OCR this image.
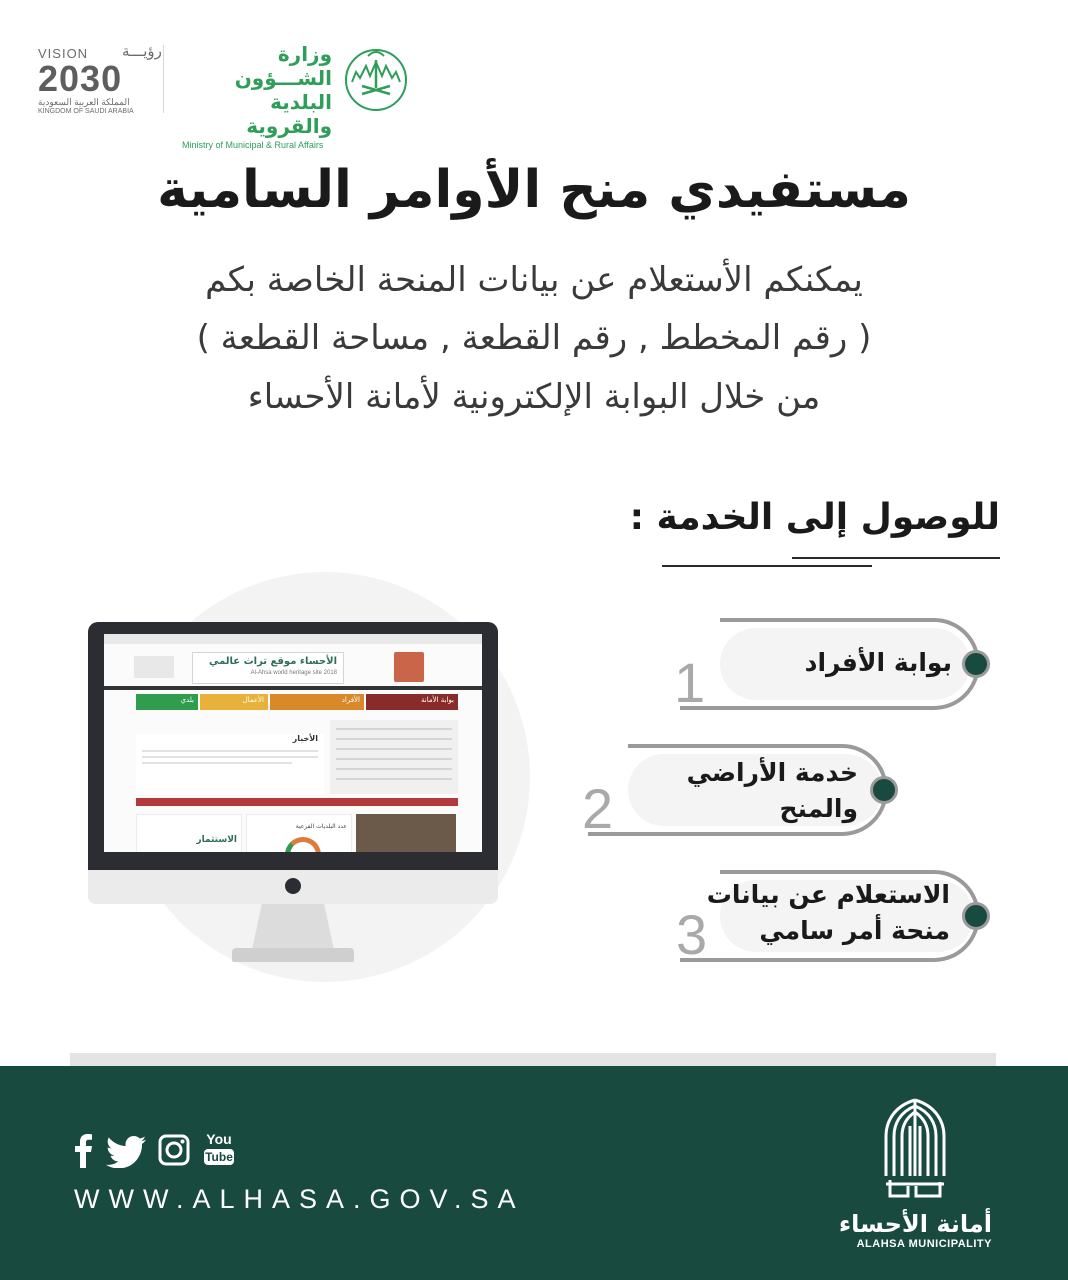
VISION رؤيـــة
2030
المملكة العربية السعودية
KINGDOM OF SAUDI ARABIA
وزارة الشـــؤون
البلدية والقروية
Ministry of Municipal & Rural Affairs
مستفيدي منح الأوامر السامية
يمكنكم الأستعلام عن بيانات المنحة الخاصة بكم
( رقم المخطط , رقم القطعة , مساحة القطعة )
من خلال البوابة الإلكترونية لأمانة الأحساء
للوصول إلى الخدمة :
الأحساء موقع تراث عالمي
Al-Ahsa world heritage site 2018
بوابة الأمانة
الأفراد
الأعمال
بلدي
الأخبار
عدد البلديات الفرعية
الاستثمار
بوابة الأفراد
1
خدمة الأراضي
والمنح
2
الاستعلام عن بيانات
منحة أمر سامي
3
You
Tube
WWW.ALHASA.GOV.SA
أمانة الأحساء
ALAHSA MUNICIPALITY
